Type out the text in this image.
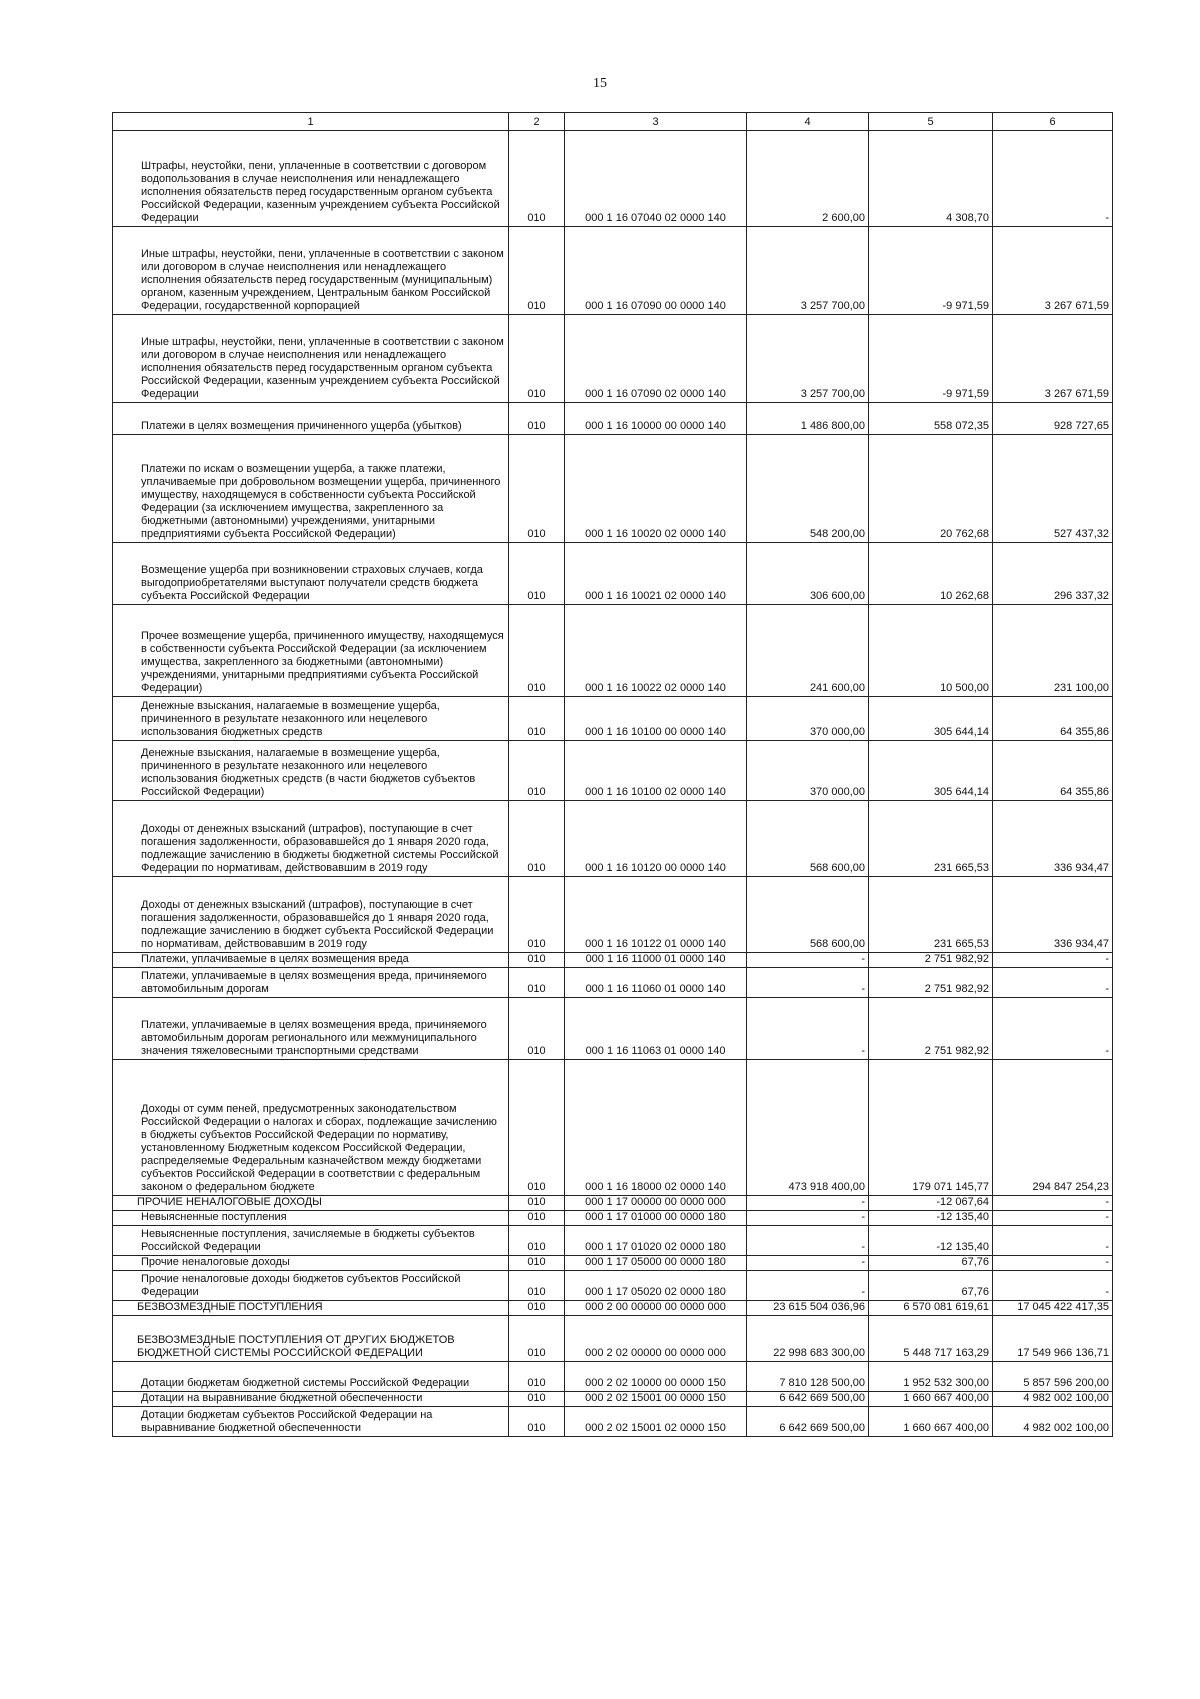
15
1	2	3	4	5	6
Штрафы, неустойки, пени, уплаченные в соответствии с договором водопользования в случае неисполнения или ненадлежащего исполнения обязательств перед государственным органом субъекта Российской Федерации, казенным учреждением субъекта Российской Федерации	010	000 1 16 07040 02 0000 140	2 600,00	4 308,70	-
Иные штрафы, неустойки, пени, уплаченные в соответствии с законом или договором в случае неисполнения или ненадлежащего исполнения обязательств перед государственным (муниципальным) органом, казенным учреждением, Центральным банком Российской Федерации, государственной корпорацией	010	000 1 16 07090 00 0000 140	3 257 700,00	-9 971,59	3 267 671,59
Иные штрафы, неустойки, пени, уплаченные в соответствии с законом или договором в случае неисполнения или ненадлежащего исполнения обязательств перед государственным органом субъекта Российской Федерации, казенным учреждением субъекта Российской Федерации	010	000 1 16 07090 02 0000 140	3 257 700,00	-9 971,59	3 267 671,59
Платежи в целях возмещения причиненного ущерба (убытков)	010	000 1 16 10000 00 0000 140	1 486 800,00	558 072,35	928 727,65
Платежи по искам о возмещении ущерба, а также платежи, уплачиваемые при добровольном возмещении ущерба, причиненного имуществу, находящемуся в собственности субъекта Российской Федерации (за исключением имущества, закрепленного за бюджетными (автономными) учреждениями, унитарными предприятиями субъекта Российской Федерации)	010	000 1 16 10020 02 0000 140	548 200,00	20 762,68	527 437,32
Возмещение ущерба при возникновении страховых случаев, когда выгодоприобретателями выступают получатели средств бюджета субъекта Российской Федерации	010	000 1 16 10021 02 0000 140	306 600,00	10 262,68	296 337,32
Прочее возмещение ущерба, причиненного имуществу, находящемуся в собственности субъекта Российской Федерации (за исключением имущества, закрепленного за бюджетными (автономными) учреждениями, унитарными предприятиями субъекта Российской Федерации)	010	000 1 16 10022 02 0000 140	241 600,00	10 500,00	231 100,00
Денежные взыскания, налагаемые в возмещение ущерба, причиненного в результате незаконного или нецелевого использования бюджетных средств	010	000 1 16 10100 00 0000 140	370 000,00	305 644,14	64 355,86
Денежные взыскания, налагаемые в возмещение ущерба, причиненного в результате незаконного или нецелевого использования бюджетных средств (в части бюджетов субъектов Российской Федерации)	010	000 1 16 10100 02 0000 140	370 000,00	305 644,14	64 355,86
Доходы от денежных взысканий (штрафов), поступающие в счет погашения задолженности, образовавшейся до 1 января 2020 года, подлежащие зачислению в бюджеты бюджетной системы Российской Федерации по нормативам, действовавшим в 2019 году	010	000 1 16 10120 00 0000 140	568 600,00	231 665,53	336 934,47
Доходы от денежных взысканий (штрафов), поступающие в счет погашения задолженности, образовавшейся до 1 января 2020 года, подлежащие зачислению в бюджет субъекта Российской Федерации по нормативам, действовавшим в 2019 году	010	000 1 16 10122 01 0000 140	568 600,00	231 665,53	336 934,47
Платежи, уплачиваемые в целях возмещения вреда	010	000 1 16 11000 01 0000 140	-	2 751 982,92	-
Платежи, уплачиваемые в целях возмещения вреда, причиняемого автомобильным дорогам	010	000 1 16 11060 01 0000 140	-	2 751 982,92	-
Платежи, уплачиваемые в целях возмещения вреда, причиняемого автомобильным дорогам регионального или межмуниципального значения тяжеловесными транспортными средствами	010	000 1 16 11063 01 0000 140	-	2 751 982,92	-
Доходы от сумм пеней, предусмотренных законодательством Российской Федерации о налогах и сборах, подлежащие зачислению в бюджеты субъектов Российской Федерации по нормативу, установленному Бюджетным кодексом Российской Федерации, распределяемые Федеральным казначейством между бюджетами субъектов Российской Федерации в соответствии с федеральным законом о федеральном бюджете	010	000 1 16 18000 02 0000 140	473 918 400,00	179 071 145,77	294 847 254,23
ПРОЧИЕ НЕНАЛОГОВЫЕ ДОХОДЫ	010	000 1 17 00000 00 0000 000	-	-12 067,64	-
Невыясненные поступления	010	000 1 17 01000 00 0000 180	-	-12 135,40	-
Невыясненные поступления, зачисляемые в бюджеты субъектов Российской Федерации	010	000 1 17 01020 02 0000 180	-	-12 135,40	-
Прочие неналоговые доходы	010	000 1 17 05000 00 0000 180	-	67,76	-
Прочие неналоговые доходы бюджетов субъектов Российской Федерации	010	000 1 17 05020 02 0000 180	-	67,76	-
БЕЗВОЗМЕЗДНЫЕ ПОСТУПЛЕНИЯ	010	000 2 00 00000 00 0000 000	23 615 504 036,96	6 570 081 619,61	17 045 422 417,35
БЕЗВОЗМЕЗДНЫЕ ПОСТУПЛЕНИЯ ОТ ДРУГИХ БЮДЖЕТОВ БЮДЖЕТНОЙ СИСТЕМЫ РОССИЙСКОЙ ФЕДЕРАЦИИ	010	000 2 02 00000 00 0000 000	22 998 683 300,00	5 448 717 163,29	17 549 966 136,71
Дотации бюджетам бюджетной системы Российской Федерации	010	000 2 02 10000 00 0000 150	7 810 128 500,00	1 952 532 300,00	5 857 596 200,00
Дотации на выравнивание бюджетной обеспеченности	010	000 2 02 15001 00 0000 150	6 642 669 500,00	1 660 667 400,00	4 982 002 100,00
Дотации бюджетам субъектов Российской Федерации на выравнивание бюджетной обеспеченности	010	000 2 02 15001 02 0000 150	6 642 669 500,00	1 660 667 400,00	4 982 002 100,00
